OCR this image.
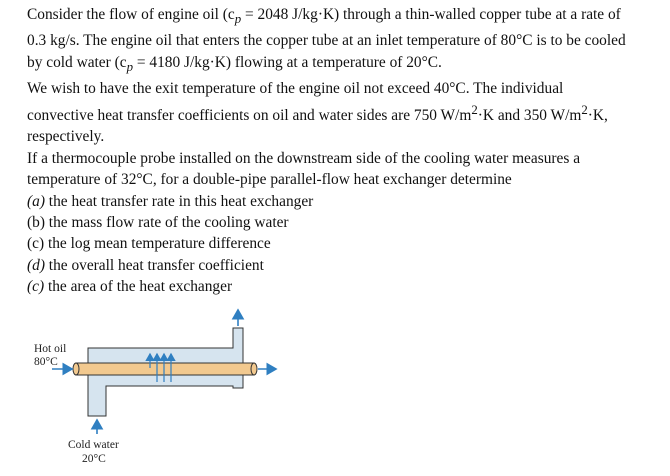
Consider the flow of engine oil ($c_p = 2048$ J/kg·K) through a thin-walled copper tube at a rate of
0.3 kg/s. The engine oil that enters the copper tube at an inlet temperature of 80°C is to be cooled
by cold water ($c_p = 4180$ J/kg·K) flowing at a temperature of 20°C.
We wish to have the exit temperature of the engine oil not exceed 40°C. The individual
convective heat transfer coefficients on oil and water sides are 750 $W/m^2\cdot K$ and 350 $W/m^2\cdot K$,
respectively.
If a thermocouple probe installed on the downstream side of the cooling water measures a
temperature of 32°C, for a double-pipe parallel-flow heat exchanger determine
(a) the heat transfer rate in this heat exchanger
(b) the mass flow rate of the cooling water
(c) the log mean temperature difference
(d) the overall heat transfer coefficient
(c) the area of the heat exchanger
Hot oil
80°C
Cold water
20°C
